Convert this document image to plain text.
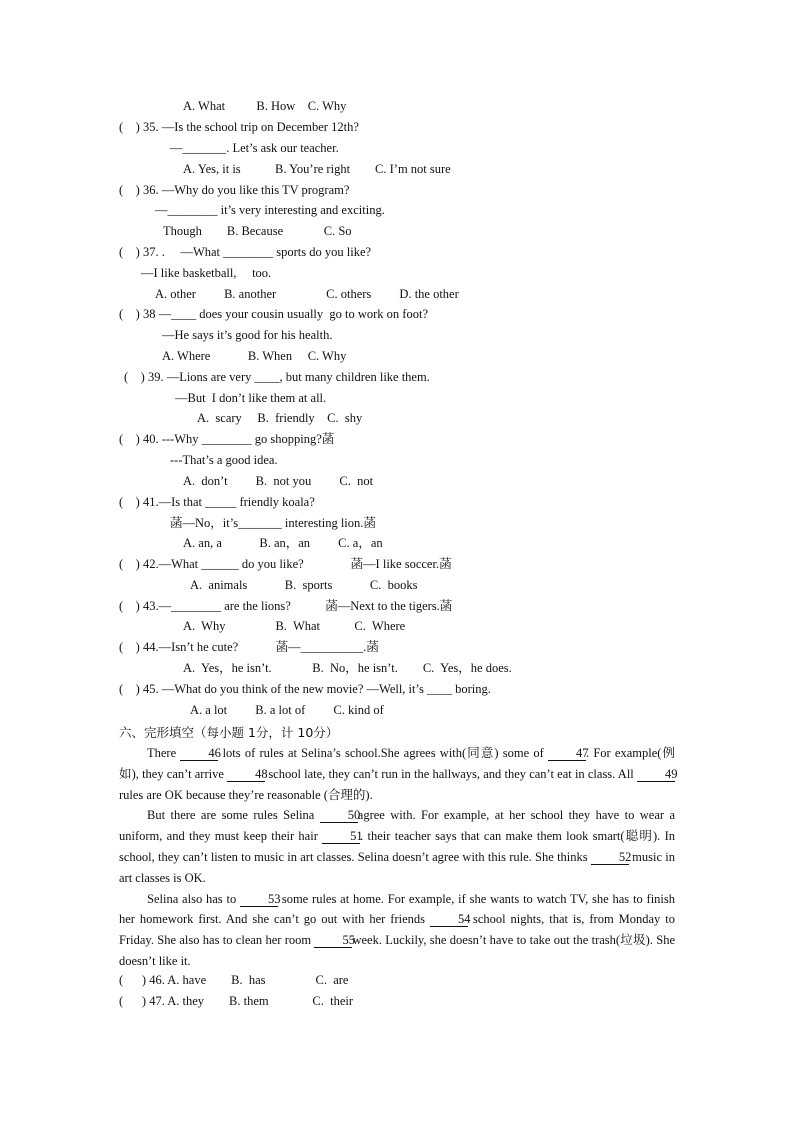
A. What          B. How    C. Why
(    ) 35. —Is the school trip on December 12th?
—_______. Let’s ask our teacher.
A. Yes, it is           B. You’re right        C. I’m not sure
(    ) 36. —Why do you like this TV program?
—________ it’s very interesting and exciting.
Though        B. Because             C. So
(    ) 37. .     —What ________ sports do you like?
—I like basketball,     too.
A. other         B. another                C. others         D. the other
(    ) 38 —____ does your cousin usually  go to work on foot?
—He says it’s good for his health.
A. Where            B. When     C. Why
(    ) 39. —Lions are very ____, but many children like them.
—But  I don’t like them at all.
A.  scary     B.  friendly    C.  shy
(    ) 40. ---Why ________ go shopping?菡
---That’s a good idea.
A.  don’t         B.  not you         C.  not
(    ) 41.—Is that _____ friendly koala?
菡—No，it’s_______ interesting lion.菡
A. an, a            B. an，an         C. a，an
(    ) 42.—What ______ do you like?               菡—I like soccer.菡
A.  animals            B.  sports            C.  books
(    ) 43.—________ are the lions?           菡—Next to the tigers.菡
A.  Why                B.  What           C.  Where
(    ) 44.—Isn’t he cute?            菡—__________.菡
A.  Yes，he isn’t.             B.  No，he isn’t.        C.  Yes，he does.
(    ) 45. —What do you think of the new movie? —Well, it’s ____ boring.
A. a lot         B. a lot of         C. kind of
六、完形填空（每小题 1分，计 10分）

There 46 lots of rules at Selina’s school.She agrees with(同意) some of 47. For example(例如), they can’t arrive 48 school late, they can’t run in the hallways, and they can’t eat in class. All 49rules are OK because they’re reasonable (合理的).

But there are some rules Selina 50agree with. For example, at her school they have to wear a uniform, and they must keep their hair 51. their teacher says that can make them look smart(聪明). In school, they can’t listen to music in art classes. Selina doesn’t agree with this rule. She thinks 52 music in art classes is OK.

Selina also has to 53 some rules at home. For example, if she wants to watch TV, she has to finish her homework first. And she can’t go out with her friends 54 school nights, that is, from Monday to Friday. She also has to clean her room 55week. Luckily, she doesn’t have to take out the trash(垃圾). She doesn’t like it.

(      ) 46. A. have        B.  has                C.  are
(      ) 47. A. they        B. them              C.  their
